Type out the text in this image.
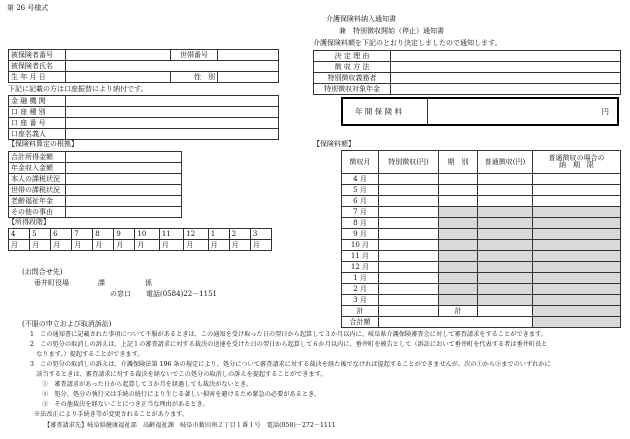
第 26 号様式
介護保険料納入通知書
兼　特別徴収開始（停止）通知書
介護保険料額を下記のとおり決定しましたので通知します。
被保険者番号		世帯番号	
被保険者氏名			
生 年 月 日		性　別	
下記に記載の方は口座振替により納付です。
金 融 機 関	
口 座 種 別	
口 座 番 号	
口座名義人	
決 定 理 由	
徴 収 方 法	
特別徴収義務者	
特別徴収対象年金	
年 間 保 険 料	円
【保険料算定の根拠】
合計所得金額	
年金収入金額	
本人の課税状況	
世帯の課税状況	
老齢福祉年金	
その他の事由	
【所得段階】
4	5	6	7	8	9	10	11	12	1	2	3
月	月	月	月	月	月	月	月	月	月	月	月
(お問合せ先)
垂井町役場	課	係
の窓口 電話(0584)22－1151
【保険料額】
徴収月	特別徴収(円)	期　別	普通徴収(円)	普通徴収の場合の
納　期　限
4 月				
5 月				
6 月				
7 月				
8 月				
9 月				
10 月				
11 月				
12 月				
1 月				
2 月				
3 月				
計		計		
合計額				
(不服の申立および取消訴訟)
1　この通知書に記載された事項について不服があるときは、この通知を受け取った日の翌日から起算して３か月以内に、岐阜県介護保険審査会に対して審査請求をすることができます。
2　この処分の取消しの訴えは、上記１の審査請求に対する裁決の送達を受けた日の翌日から起算して６か月以内に、垂井町を被告として（訴訟において垂井町を代表する者は垂井町長と
　なります。）提起することができます。
3　この処分の取消しの訴えは、介護保険法第 196 条の規定により、処分について審査請求に対する裁決を経た後でなければ提起することができませんが、次の①から③までのいずれかに
　該当するときは、審査請求に対する裁決を経ないでこの処分の取消しの訴えを提起することができます。
①　審査請求があった日から起算して３か月を経過しても裁決がないとき。
②　処分、処分の執行又は手続の続行により生じる著しい損害を避けるため緊急の必要があるとき。
③　その他裁決を経ないことにつき正当な理由があるとき。
※法改正により手続き等が変更されることがあります。
【審査請求先】岐阜県健康福祉部　高齢福祉課　岐阜市薮田南２丁目１番１号　電話(058)－272－1111
